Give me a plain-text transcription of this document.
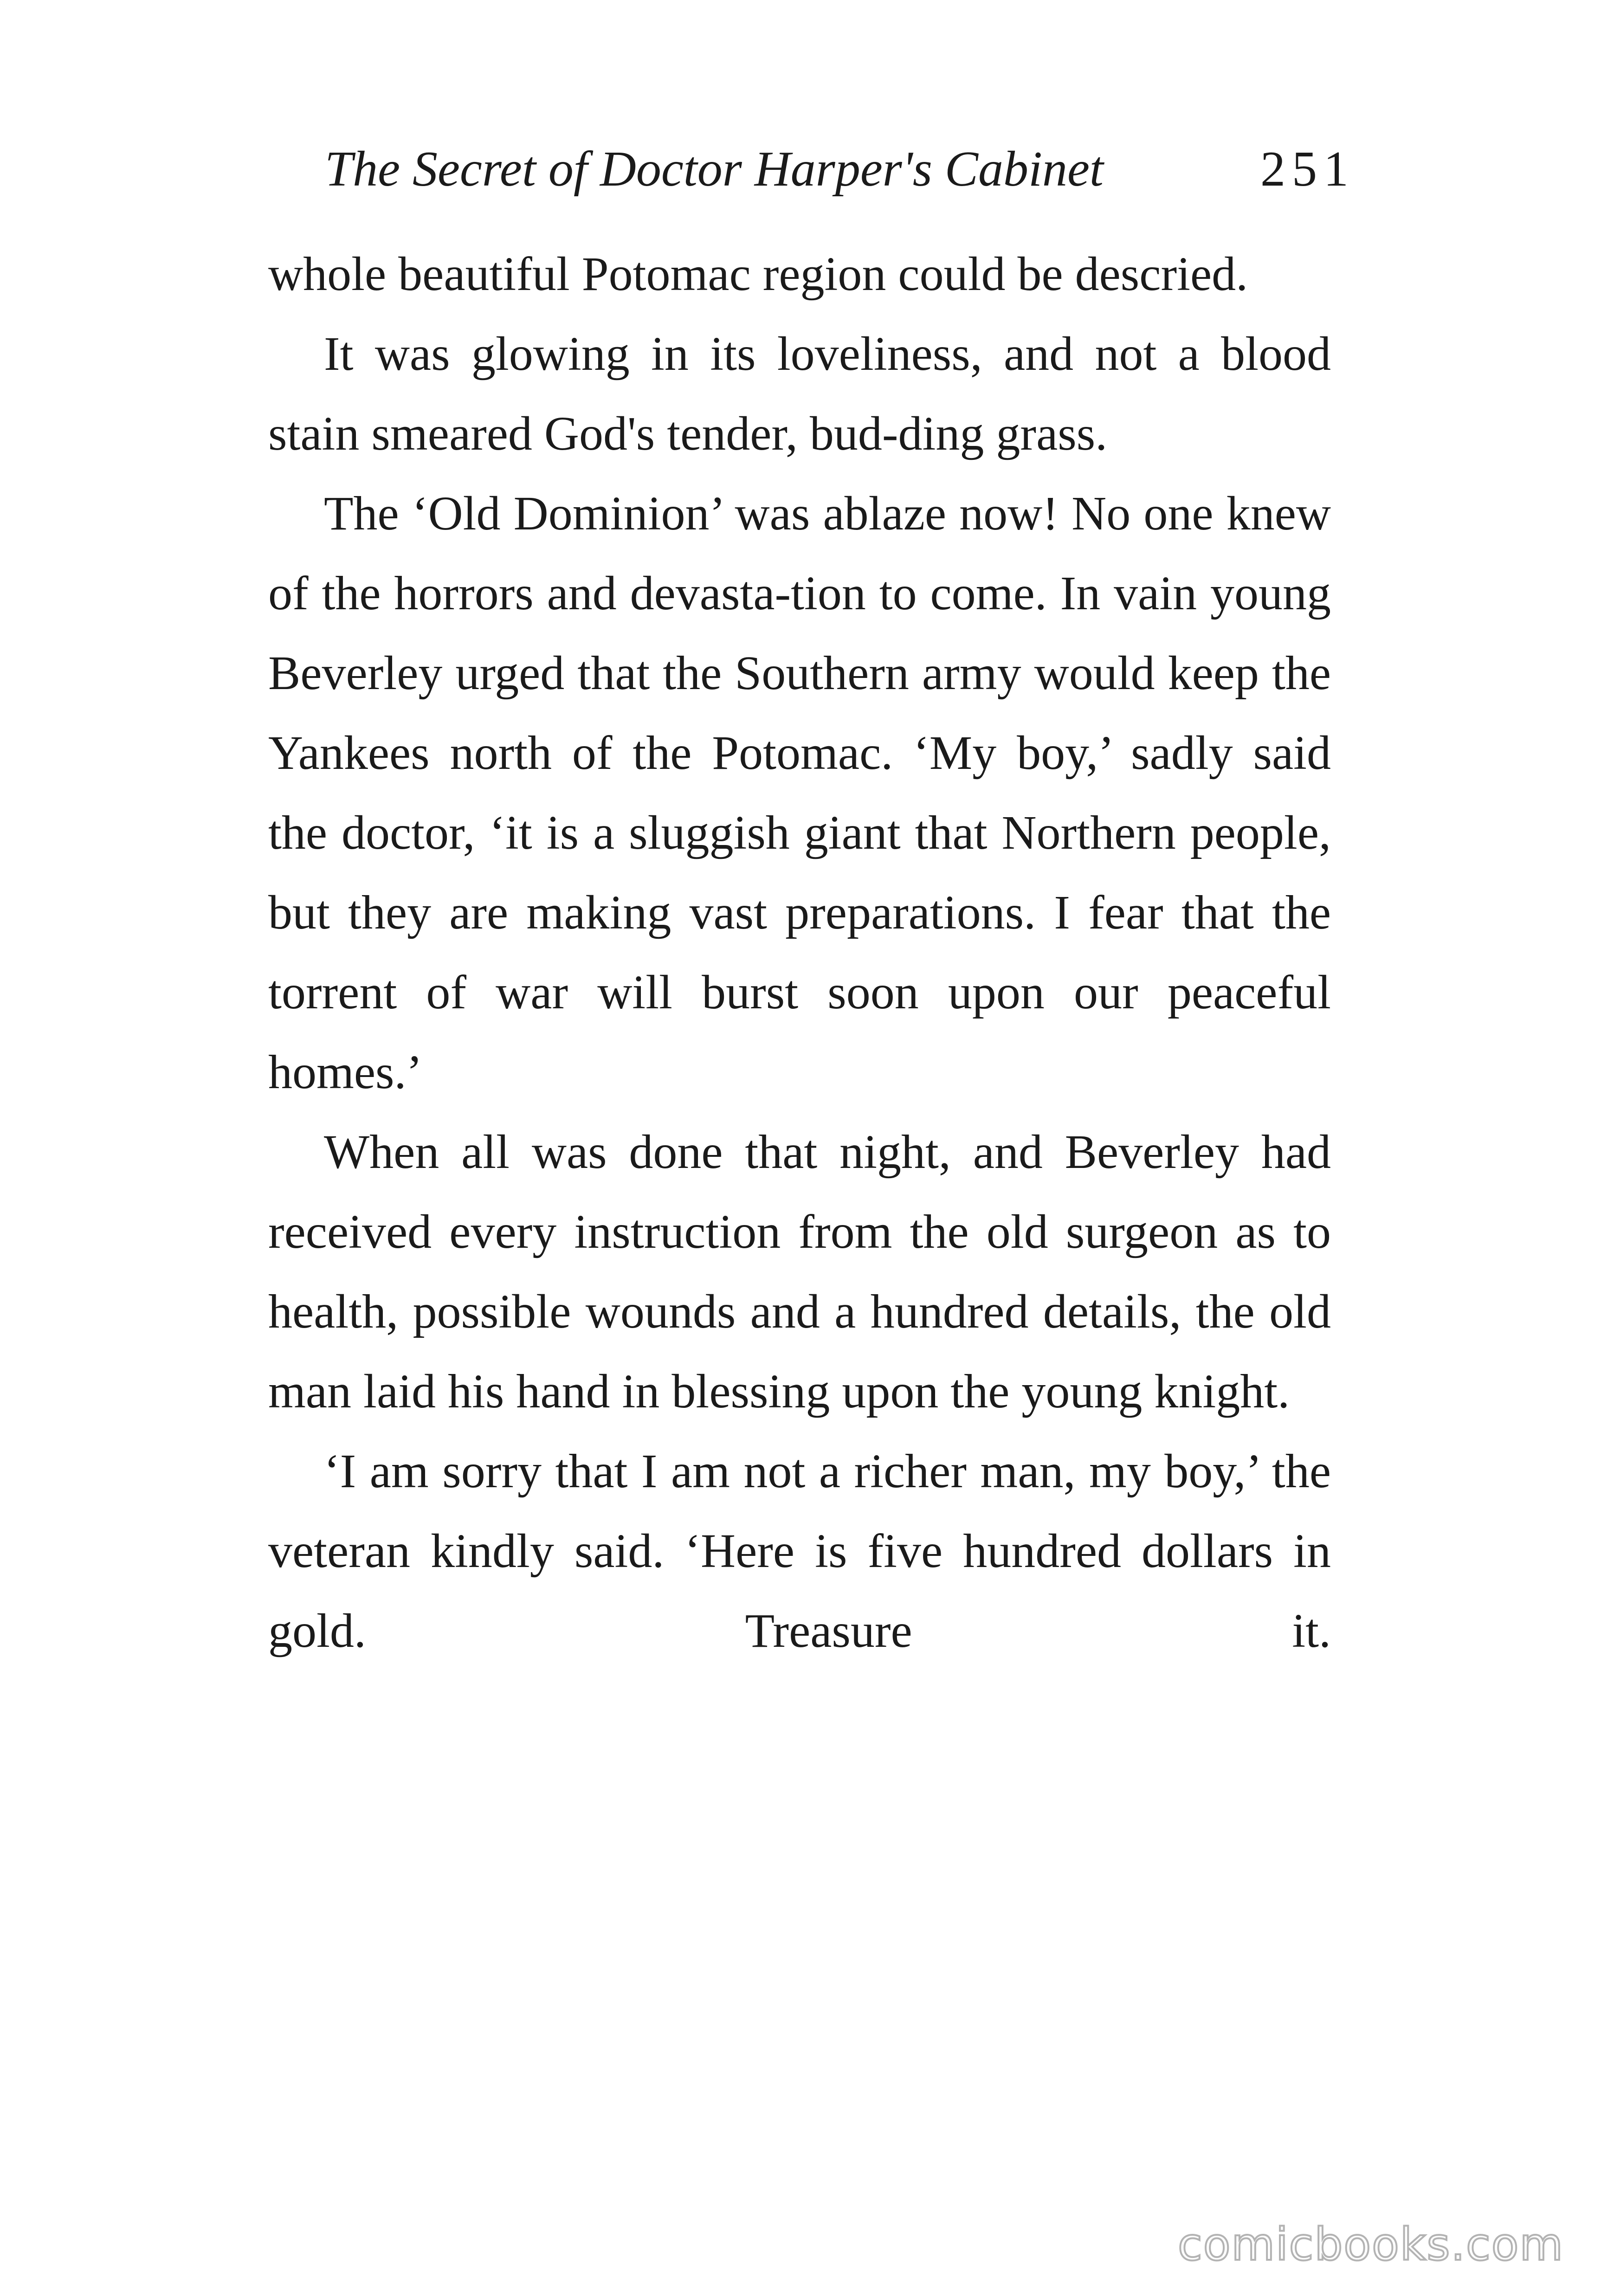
The Secret of Doctor Harper's Cabinet	251

whole beautiful Potomac region could be descried.

It was glowing in its loveliness, and not a blood stain smeared God's tender, bud-ding grass.

The ‘Old Dominion’ was ablaze now! No one knew of the horrors and devasta-tion to come. In vain young Beverley urged that the Southern army would keep the Yankees north of the Potomac. ‘My boy,’ sadly said the doctor, ‘it is a sluggish giant that Northern people, but they are making vast preparations. I fear that the torrent of war will burst soon upon our peaceful homes.’

When all was done that night, and Beverley had received every instruction from the old surgeon as to health, possible wounds and a hundred details, the old man laid his hand in blessing upon the young knight.

‘I am sorry that I am not a richer man, my boy,’ the veteran kindly said. ‘Here is five hundred dollars in gold. Treasure it.

comicbooks.com
